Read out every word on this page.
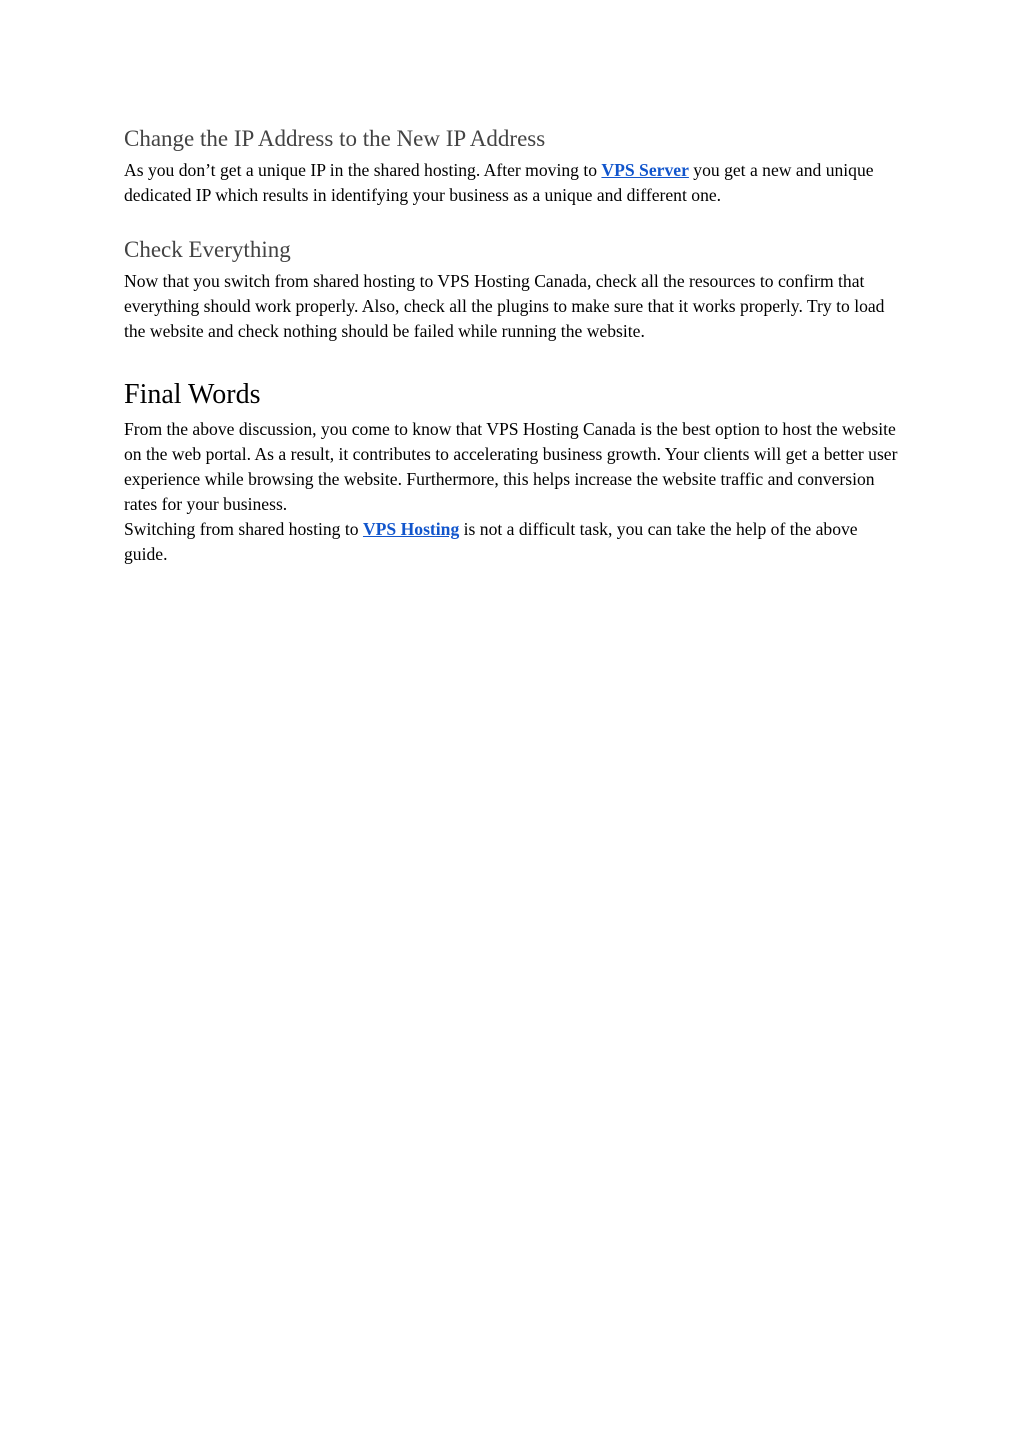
Change the IP Address to the New IP Address

As you don’t get a unique IP in the shared hosting. After moving to VPS Server you get a new and unique dedicated IP which results in identifying your business as a unique and different one.

Check Everything

Now that you switch from shared hosting to VPS Hosting Canada, check all the resources to confirm that everything should work properly. Also, check all the plugins to make sure that it works properly. Try to load the website and check nothing should be failed while running the website.

Final Words

From the above discussion, you come to know that VPS Hosting Canada is the best option to host the website on the web portal. As a result, it contributes to accelerating business growth. Your clients will get a better user experience while browsing the website. Furthermore, this helps increase the website traffic and conversion rates for your business.

Switching from shared hosting to VPS Hosting is not a difficult task, you can take the help of the above guide.
